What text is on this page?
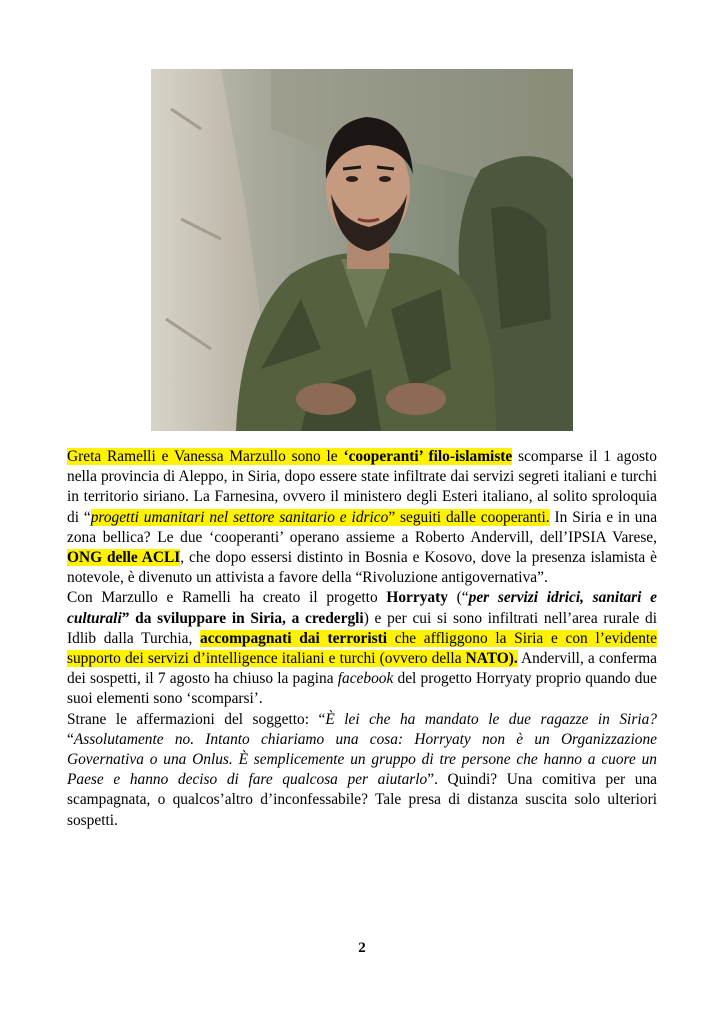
Greta Ramelli e Vanessa Marzullo sono le ‘cooperanti’ filo-islamiste scomparse il 1 agosto nella provincia di Aleppo, in Siria, dopo essere state infiltrate dai servizi segreti italiani e turchi in territorio siriano. La Farnesina, ovvero il ministero degli Esteri italiano, al solito sproloquia di “progetti umanitari nel settore sanitario e idrico” seguiti dalle cooperanti. In Siria e in una zona bellica? Le due ‘cooperanti’ operano assieme a Roberto Andervill, dell’IPSIA Varese, ONG delle ACLI, che dopo essersi distinto in Bosnia e Kosovo, dove la presenza islamista è notevole, è divenuto un attivista a favore della “Rivoluzione antigovernativa”.

Con Marzullo e Ramelli ha creato il progetto Horryaty (“per servizi idrici, sanitari e culturali” da sviluppare in Siria, a credergli) e per cui si sono infiltrati nell’area rurale di Idlib dalla Turchia, accompagnati dai terroristi che affliggono la Siria e con l’evidente supporto dei servizi d’intelligence italiani e turchi (ovvero della NATO). Andervill, a conferma dei sospetti, il 7 agosto ha chiuso la pagina facebook del progetto Horryaty proprio quando due suoi elementi sono ‘scomparsi’.

Strane le affermazioni del soggetto: “È lei che ha mandato le due ragazze in Siria? “Assolutamente no. Intanto chiariamo una cosa: Horryaty non è un Organizzazione Governativa o una Onlus. È semplicemente un gruppo di tre persone che hanno a cuore un Paese e hanno deciso di fare qualcosa per aiutarlo”. Quindi? Una comitiva per una scampagnata, o qualcos’altro d’inconfessabile? Tale presa di distanza suscita solo ulteriori sospetti.

2
